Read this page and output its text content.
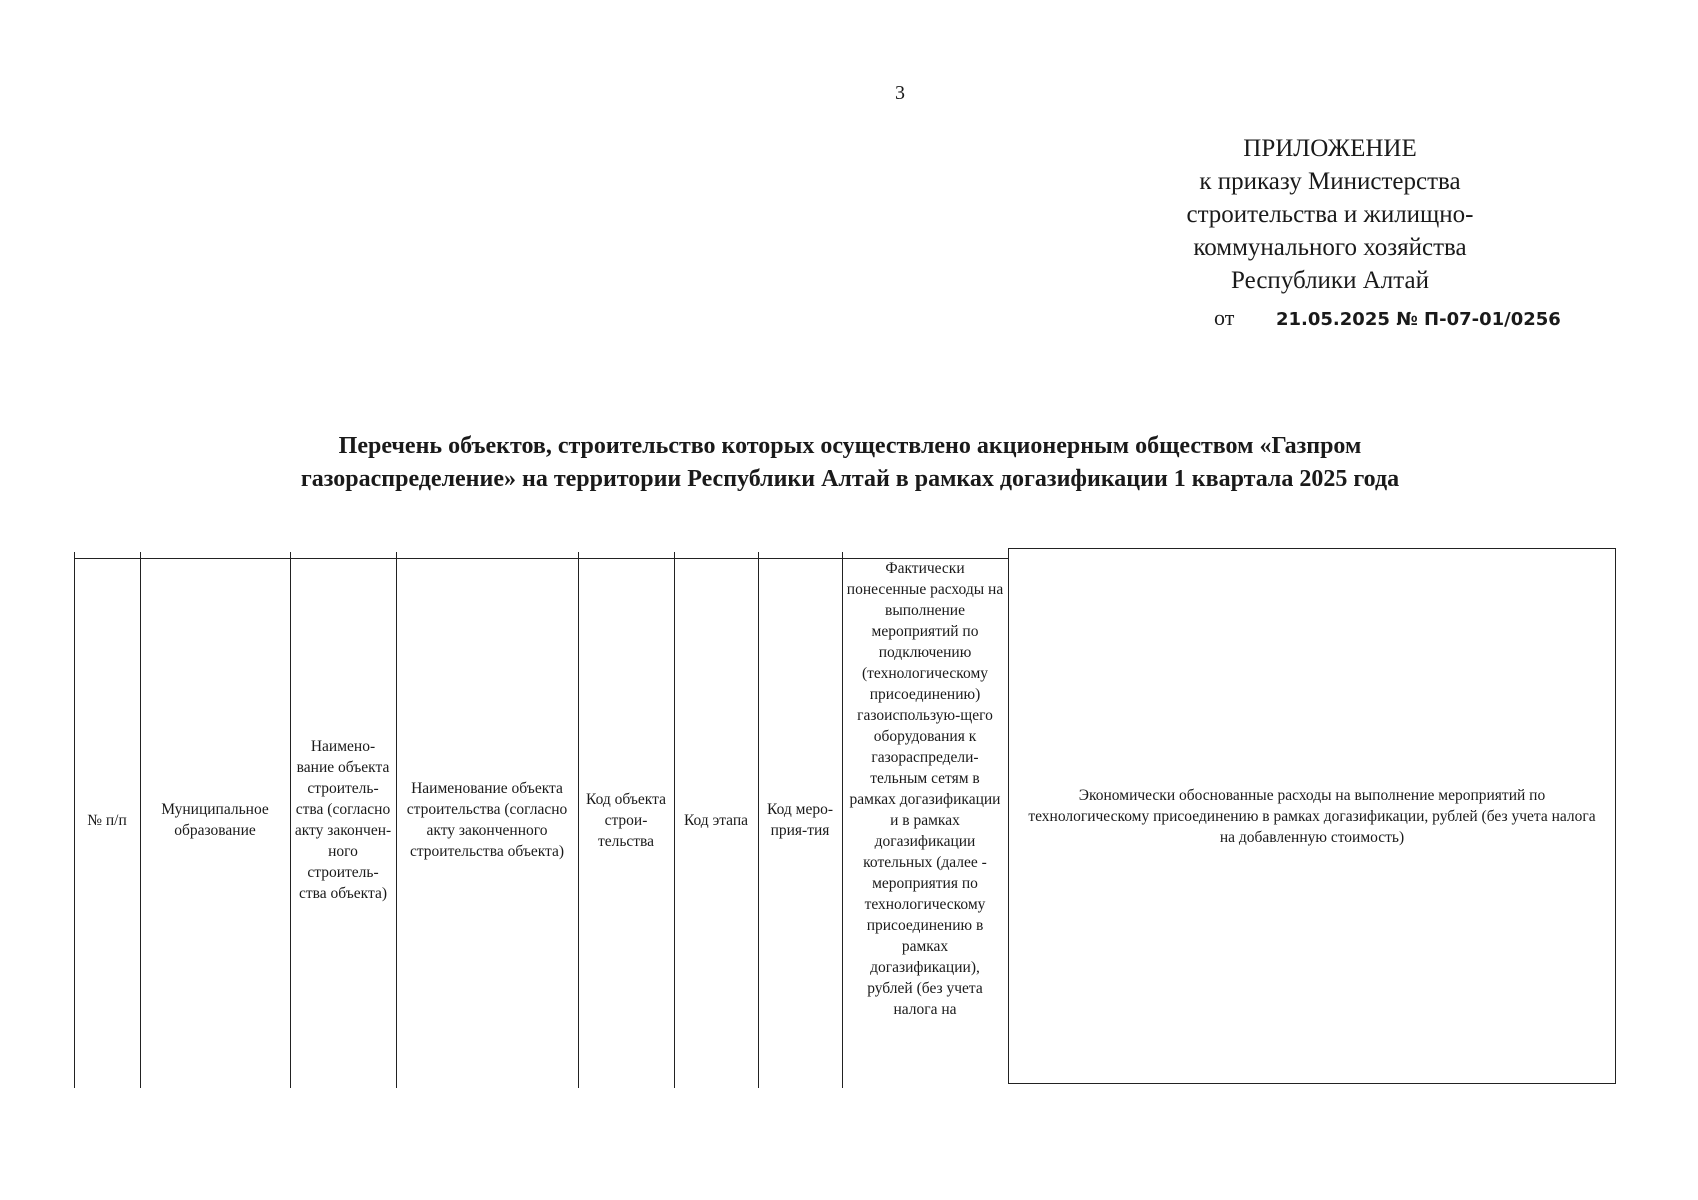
3
ПРИЛОЖЕНИЕ
к приказу Министерства
строительства и жилищно-
коммунального хозяйства
Республики Алтай
от 21.05.2025 № П-07-01/0256
Перечень объектов, строительство которых осуществлено акционерным обществом «Газпром
газораспределение» на территории Республики Алтай в рамках догазификации 1 квартала 2025 года
№ п/п
Муниципальное образование
Наимено-вание объекта строитель-ства (согласно акту закончен-ного строитель-ства объекта)
Наименование объекта строительства (согласно акту законченного строительства объекта)
Код объекта строи-тельства
Код этапа
Код меро-прия-тия
Фактически понесенные расходы на выполнение мероприятий по подключению (технологическому присоединению) газоиспользую-щего оборудования к газораспредели-тельным сетям в рамках догазификации и в рамках догазификации котельных (далее - мероприятия по технологическому присоединению в рамках догазификации), рублей (без учета налога на
Экономически обоснованные расходы на выполнение мероприятий по технологическому присоединению в рамках догазификации, рублей (без учета налога на добавленную стоимость)
